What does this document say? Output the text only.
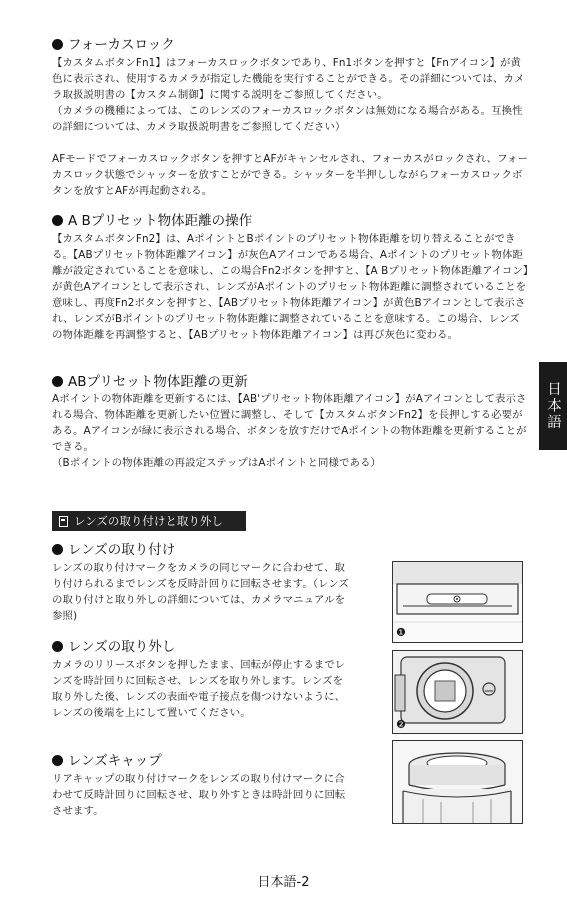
フォーカスロック
【カスタムボタンFn1】はフォーカスロックボタンであり、Fn1ボタンを押すと【Fnアイコン】が黄色に表示され、使用するカメラが指定した機能を実行することができる。その詳細については、カメラ取扱説明書の【カスタム制御】に関する説明をご参照してください。
（カメラの機種によっては、このレンズのフォーカスロックボタンは無効になる場合がある。互換性の詳細については、カメラ取扱説明書をご参照してください）
AFモードでフォーカスロックボタンを押すとAFがキャンセルされ、フォーカスがロックされ、フォーカスロック状態でシャッターを放すことができる。シャッターを半押ししながらフォーカスロックボタンを放すとAFが再起動される。
A Bプリセット物体距離の操作
【カスタムボタンFn2】は、AポイントとBポイントのプリセット物体距離を切り替えることができる。【ABプリセット物体距離アイコン】が灰色Aアイコンである場合、Aポイントのプリセット物体距離が設定されていることを意味し、この場合Fn2ボタンを押すと、【A Bプリセット物体距離アイコン】が黄色Aアイコンとして表示され、レンズがAポイントのプリセット物体距離に調整されていることを意味し、再度Fn2ボタンを押すと、【ABプリセット物体距離アイコン】が黄色Bアイコンとして表示され、レンズがBポイントのプリセット物体距離に調整されていることを意味する。この場合、レンズの物体距離を再調整すると、【ABプリセット物体距離アイコン】は再び灰色に変わる。
ABプリセット物体距離の更新
Aポイントの物体距離を更新するには、【AB'プリセット物体距離アイコン】がAアイコンとして表示される場合、物体距離を更新したい位置に調整し、そして【カスタムボタンFn2】を長押しする必要がある。Aアイコンが緑に表示される場合、ボタンを放すだけでAポイントの物体距離を更新することができる。
（Bポイントの物体距離の再設定ステップはAポイントと同様である）
日本語
レンズの取り付けと取り外し
レンズの取り付け
レンズの取り付けマークをカメラの同じマークに合わせて、取り付けられるまでレンズを反時計回りに回転させます。（レンズの取り付けと取り外しの詳細については、カメラマニュアルを参照)
レンズの取り外し
カメラのリリースボタンを押したまま、回転が停止するまでレンズを時計回りに回転させ、レンズを取り外します。レンズを取り外した後、レンズの表面や電子接点を傷つけないように、レンズの後端を上にして置いてください。
レンズキャップ
リアキャップの取り付けマークをレンズの取り付けマークに合わせて反時計回りに回転させ、取り外すときは時計回りに回転 させます。
❶
❷
日本語-2
